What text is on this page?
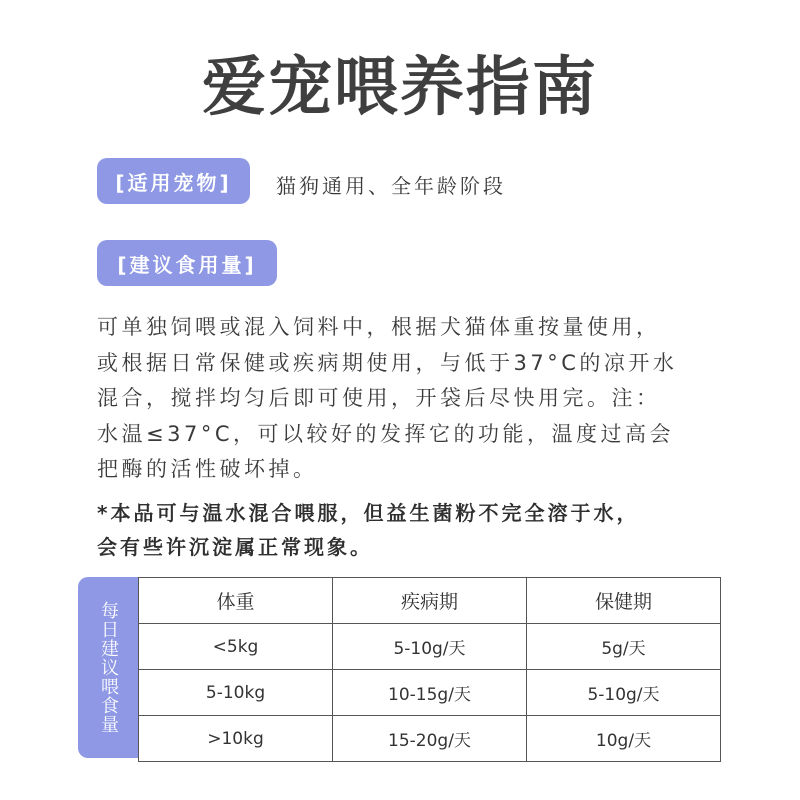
爱宠喂养指南
[适用宠物]	猫狗通用、全年龄阶段
[建议食用量]
可单独饲喂或混入饲料中，根据犬猫体重按量使用，
或根据日常保健或疾病期使用，与低于37°C的凉开水
混合，搅拌均匀后即可使用，开袋后尽快用完。注：
水温≤37°C，可以较好的发挥它的功能，温度过高会
把酶的活性破坏掉。
*本品可与温水混合喂服，但益生菌粉不完全溶于水，
会有些许沉淀属正常现象。
每日建议喂食量	体重	疾病期	保健期
<5kg	5-10g/天	5g/天
5-10kg	10-15g/天	5-10g/天
>10kg	15-20g/天	10g/天
